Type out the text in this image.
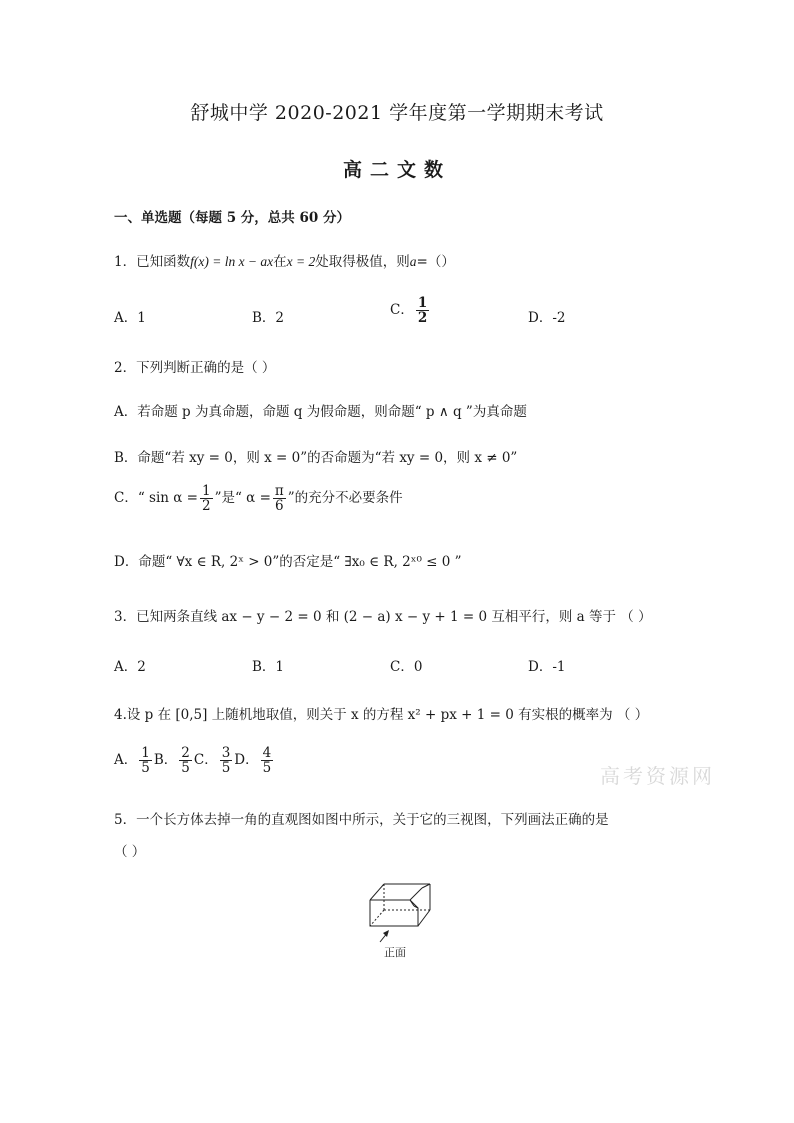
舒城中学 2020-2021 学年度第一学期期末考试
高二文数
一、单选题（每题 5 分，总共 60 分）
1．已知函数f(x) = ln x − ax在x = 2处取得极值，则a=（）
A．1	B．2	C． $\frac{1}{2}$	D．-2
2．下列判断正确的是（ ）
A．若命题 p 为真命题，命题 q 为假命题，则命题“ p ∧ q ”为真命题
B．命题“若 xy = 0，则 x = 0”的否命题为“若 xy = 0，则 x ≠ 0”
C．“ $\sin \alpha = \frac{1}{2}$ ”是“ $\alpha = \frac{\pi}{6}$ ”的充分不必要条件
D．命题“ ∀x ∈ R, 2ˣ > 0”的否定是“ ∃x₀ ∈ R, 2ˣ⁰ ≤ 0 ”
3．已知两条直线 ax − y − 2 = 0 和 (2 − a) x − y + 1 = 0 互相平行，则 a 等于 （ ）
A．2	B．1	C．0	D．-1
4.设 p 在 [0,5] 上随机地取值，则关于 x 的方程 x² + px + 1 = 0 有实根的概率为 （ ）
A． $\frac{1}{5}$ B． $\frac{2}{5}$ C． $\frac{3}{5}$ D． $\frac{4}{5}$
高考资源网
5．一个长方体去掉一角的直观图如图中所示，关于它的三视图，下列画法正确的是
（ ）
正面
